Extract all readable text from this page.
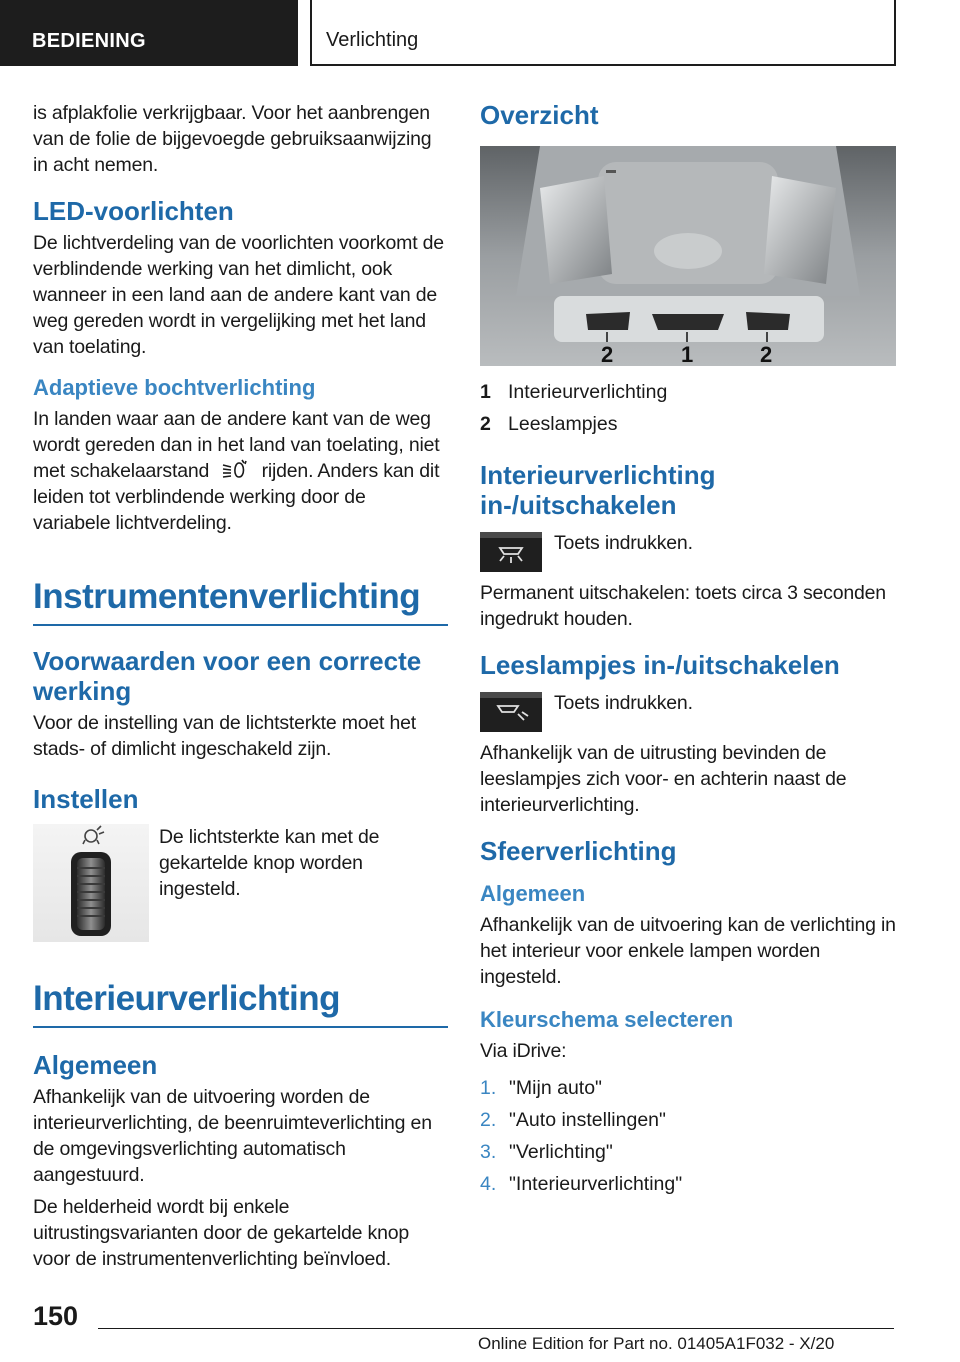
BEDIENING	Verlichting

is afplakfolie verkrijgbaar. Voor het aanbrengen van de folie de bijgevoegde gebruiksaanwijzing in acht nemen.

LED-voorlichten

De lichtverdeling van de voorlichten voorkomt de verblindende werking van het dimlicht, ook wanneer in een land aan de andere kant van de weg gereden wordt in vergelijking met het land van toelating.

Adaptieve bochtverlichting

In landen waar aan de andere kant van de weg wordt gereden dan in het land van toelating, niet met schakelaarstand	rijden. Anders kan dit leiden tot verblindende werking door de variabele lichtverdeling.

Instrumentenverlichting
Voorwaarden voor een correcte werking

Voor de instelling van de lichtsterkte moet het stads- of dimlicht ingeschakeld zijn.

Instellen

De lichtsterkte kan met de gekartelde knop worden ingesteld.

Interieurverlichting
Algemeen

Afhankelijk van de uitvoering worden de interieurverlichting, de beenruimteverlichting en de omgevingsverlichting automatisch aangestuurd.

De helderheid wordt bij enkele uitrustingsvarianten door de gekartelde knop voor de instrumentenverlichting beïnvloed.

Overzicht
2	1	2
1 Interieurverlichting
2 Leeslampjes
Interieurverlichting in-/uitschakelen

Toets indrukken.

Permanent uitschakelen: toets circa 3 seconden ingedrukt houden.

Leeslampjes in-/uitschakelen

Toets indrukken.

Afhankelijk van de uitrusting bevinden de leeslampjes zich voor- en achterin naast de interieurverlichting.

Sfeerverlichting
Algemeen

Afhankelijk van de uitvoering kan de verlichting in het interieur voor enkele lampen worden ingesteld.

Kleurschema selecteren

Via iDrive:

1. "Mijn auto"
2. "Auto instellingen"
3. "Verlichting"
4. "Interieurverlichting"
150
Online Edition for Part no. 01405A1F032 - X/20
